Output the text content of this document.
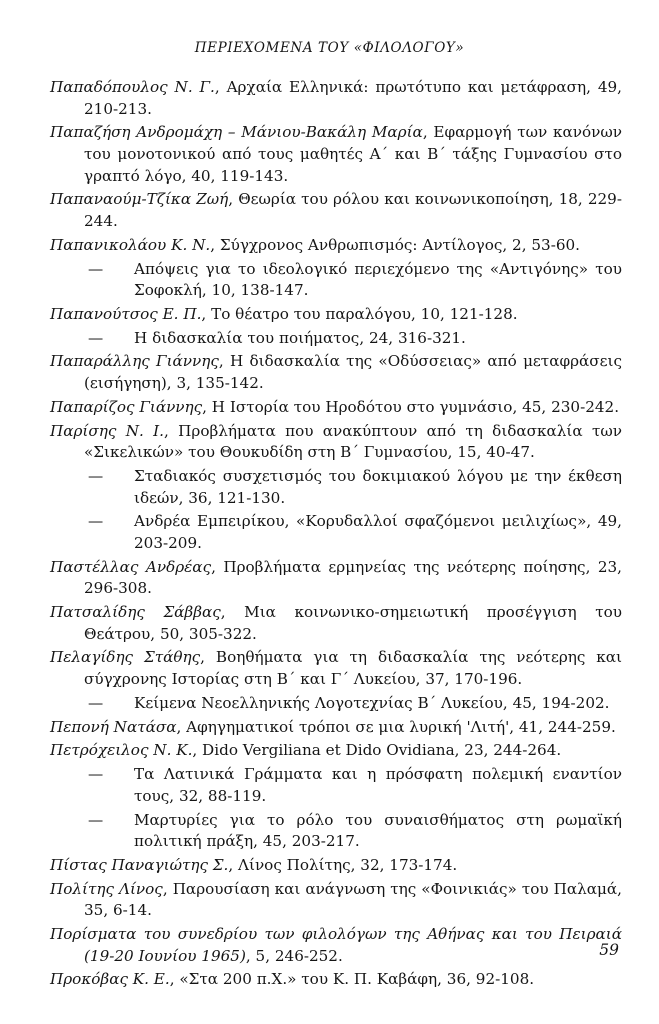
ΠΕΡΙΕΧΟΜΕΝΑ ΤΟΥ «ΦΙΛΟΛΟΓΟΥ»

Παπαδόπουλος Ν. Γ., Αρχαία Ελληνικά: πρωτότυπο και μετάφραση, 49, 210-213.

Παπαζήση Ανδρομάχη – Μάνιου-Βακάλη Μαρία, Εφαρμογή των κανόνων του μονοτονικού από τους μαθητές Α΄ και Β΄ τάξης Γυμνασίου στο γραπτό λόγο, 40, 119-143.

Παπαναούμ-Τζίκα Ζωή, Θεωρία του ρόλου και κοινωνικοποίηση, 18, 229-244.

Παπανικολάου Κ. Ν., Σύγχρονος Ανθρωπισμός: Αντίλογος, 2, 53-60.

— Απόψεις για το ιδεολογικό περιεχόμενο της «Αντιγόνης» του Σοφοκλή, 10, 138-147.

Παπανούτσος Ε. Π., Το θέατρο του παραλόγου, 10, 121-128.

— Η διδασκαλία του ποιήματος, 24, 316-321.

Παπαράλλης Γιάννης, Η διδασκαλία της «Οδύσσειας» από μεταφράσεις (εισήγηση), 3, 135-142.

Παπαρίζος Γιάννης, Η Ιστορία του Ηροδότου στο γυμνάσιο, 45, 230-242.

Παρίσης Ν. Ι., Προβλήματα που ανακύπτουν από τη διδασκαλία των «Σικελικών» του Θουκυδίδη στη Β΄ Γυμνασίου, 15, 40-47.

— Σταδιακός συσχετισμός του δοκιμιακού λόγου με την έκθεση ιδεών, 36, 121-130.

— Ανδρέα Εμπειρίκου, «Κορυδαλλοί σφαζόμενοι μειλιχίως», 49, 203-209.

Παστέλλας Ανδρέας, Προβλήματα ερμηνείας της νεότερης ποίησης, 23, 296-308.

Πατσαλίδης Σάββας, Μια κοινωνικο-σημειωτική προσέγγιση του Θεάτρου, 50, 305-322.

Πελαγίδης Στάθης, Βοηθήματα για τη διδασκαλία της νεότερης και σύγχρονης Ιστορίας στη Β΄ και Γ΄ Λυκείου, 37, 170-196.

— Κείμενα Νεοελληνικής Λογοτεχνίας Β΄ Λυκείου, 45, 194-202.

Πεπονή Νατάσα, Αφηγηματικοί τρόποι σε μια λυρική 'Λιτή', 41, 244-259.

Πετρόχειλος Ν. Κ., Dido Vergiliana et Dido Ovidiana, 23, 244-264.

— Τα Λατινικά Γράμματα και η πρόσφατη πολεμική εναντίον τους, 32, 88-119.

— Μαρτυρίες για το ρόλο του συναισθήματος στη ρωμαϊκή πολιτική πράξη, 45, 203-217.

Πίστας Παναγιώτης Σ., Λίνος Πολίτης, 32, 173-174.

Πολίτης Λίνος, Παρουσίαση και ανάγνωση της «Φοινικιάς» του Παλαμά, 35, 6-14.

Πορίσματα του συνεδρίου των φιλολόγων της Αθήνας και του Πειραιά (19-20 Ιουνίου 1965), 5, 246-252.

Προκόβας Κ. Ε., «Στα 200 π.Χ.» του Κ. Π. Καβάφη, 36, 92-108.

59
